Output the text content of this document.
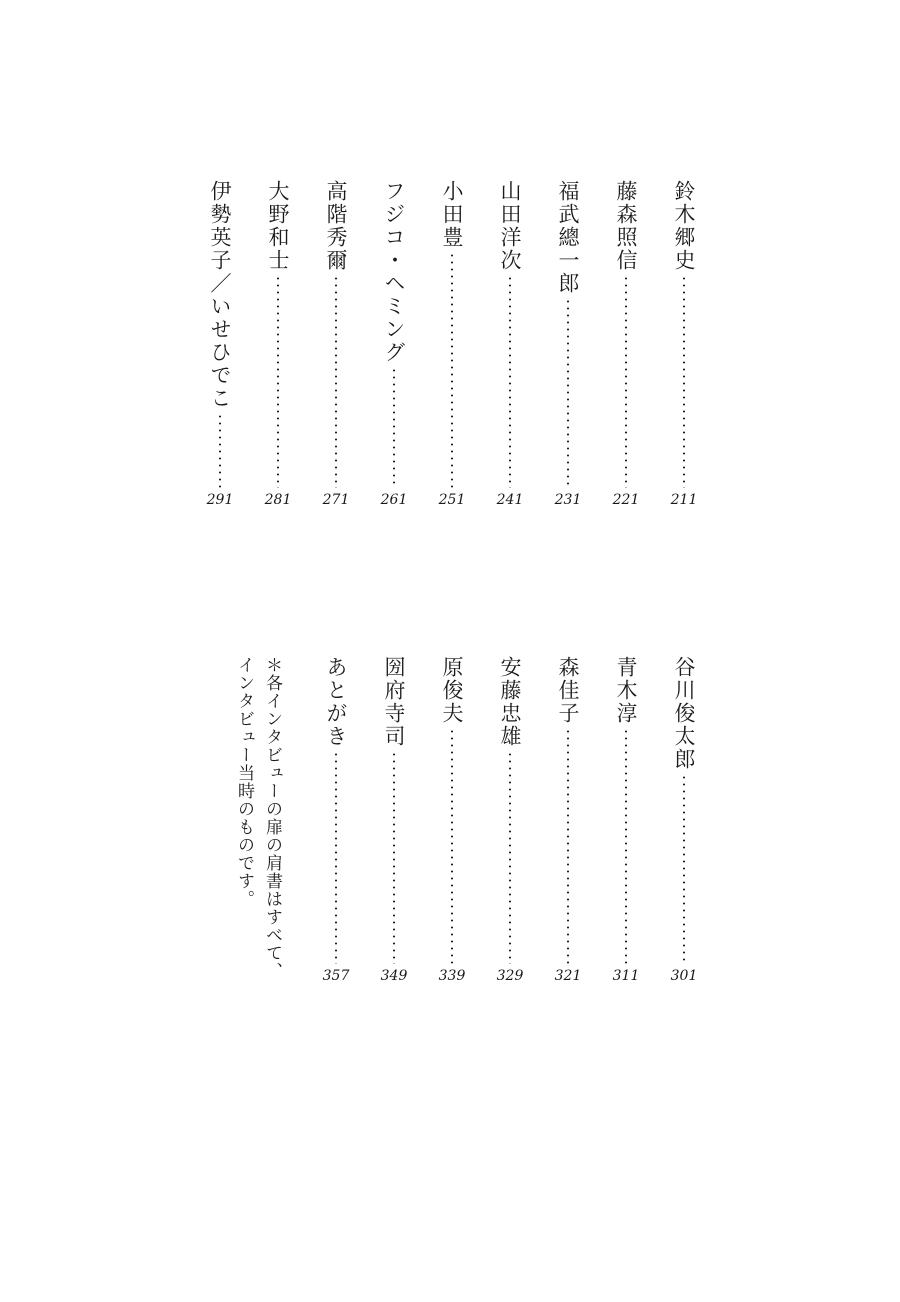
鈴木郷史
211
藤森照信
221
福武總一郎
231
山田洋次
241
小田豊
251
フジコ・ヘミング
261
高階秀爾
271
大野和士
281
伊勢英子／いせひでこ
291
谷川俊太郎
301
青木淳
311
森佳子
321
安藤忠雄
329
原俊夫
339
圀府寺司
349
あとがき
357
＊各インタビューの扉の肩書はすべて、インタビュー当時のものです。
